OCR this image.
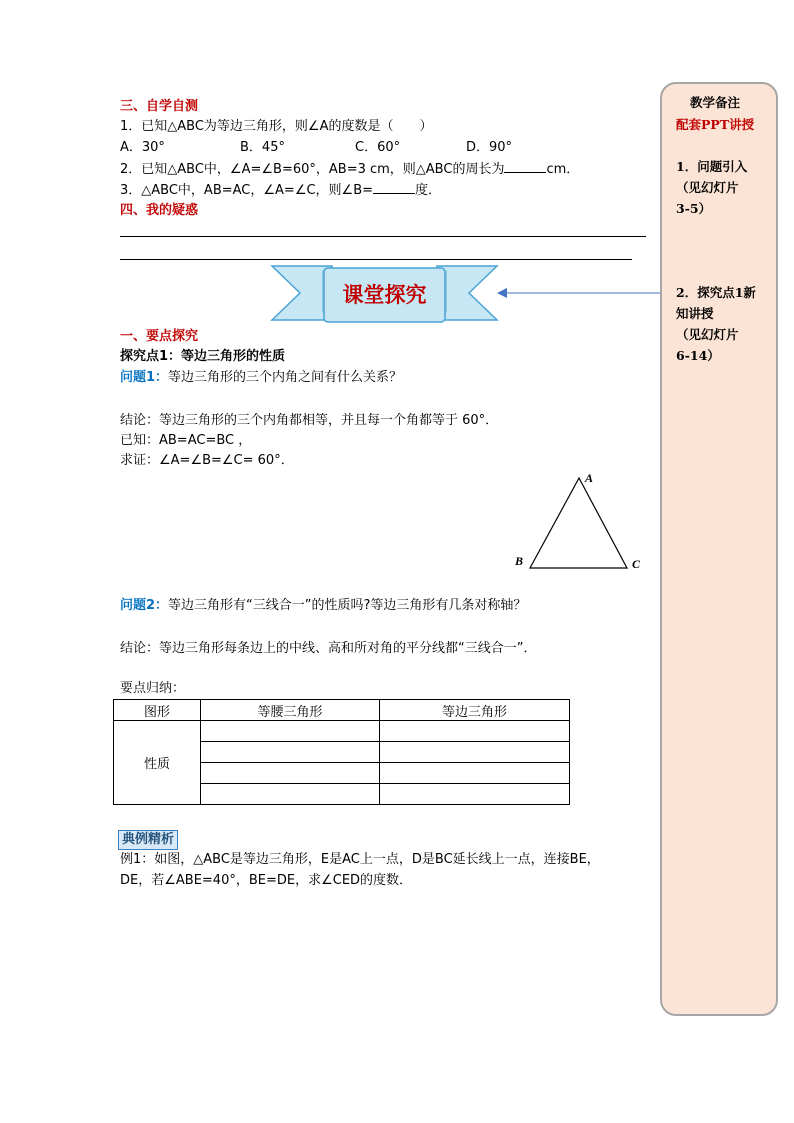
三、自学自测
1．已知△ABC为等边三角形，则∠A的度数是（　　）
A．30°	B．45°	C．60°	D．90°
2．已知△ABC中，∠A=∠B=60°，AB=3 cm，则△ABC的周长为	cm．
3．△ABC中，AB=AC，∠A=∠C，则∠B=	度．
四、我的疑惑
课堂探究
一、要点探究
探究点1：等边三角形的性质
问题1：等边三角形的三个内角之间有什么关系？
结论：等边三角形的三个内角都相等，并且每一个角都等于 60°．
已知：AB=AC=BC ，
求证：∠A=∠B=∠C= 60°．
A
B	C
问题2：等边三角形有“三线合一”的性质吗?等边三角形有几条对称轴？
结论：等边三角形每条边上的中线、高和所对角的平分线都“三线合一”．
要点归纳：
图形	等腰三角形	等边三角形
性质		

典例精析
例1：如图，△ABC是等边三角形，E是AC上一点，D是BC延长线上一点，连接BE，
DE，若∠ABE=40°，BE=DE，求∠CED的度数．
教学备注
配套PPT讲授
1．问题引入
（见幻灯片
3-5）
2．探究点1新
知讲授
（见幻灯片
6-14）
